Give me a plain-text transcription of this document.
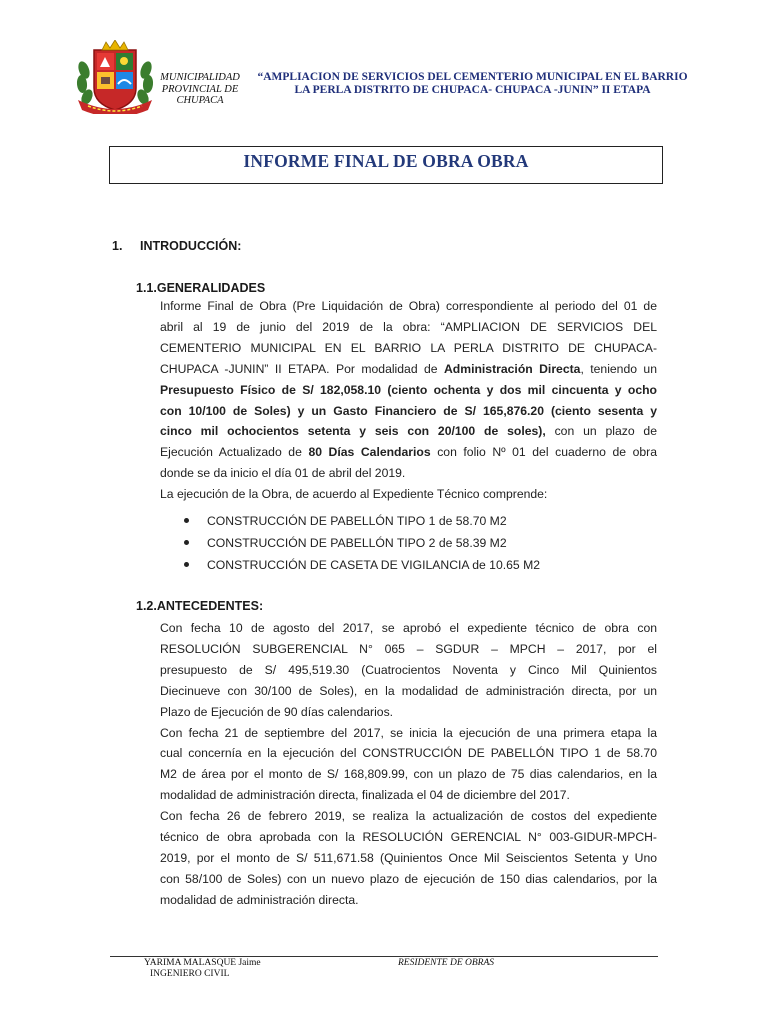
MUNICIPALIDAD
PROVINCIAL DE
CHUPACA
“AMPLIACION DE SERVICIOS DEL CEMENTERIO MUNICIPAL EN EL BARRIO
LA PERLA DISTRITO DE CHUPACA- CHUPACA -JUNIN” II ETAPA
INFORME FINAL DE OBRA OBRA
1. INTRODUCCIÓN:
1.1.GENERALIDADES
Informe Final de Obra (Pre Liquidación de Obra) correspondiente al periodo del 01 de
abril al 19 de junio del 2019 de la obra: “AMPLIACION DE SERVICIOS DEL
CEMENTERIO MUNICIPAL EN EL BARRIO LA PERLA DISTRITO DE CHUPACA-
CHUPACA -JUNIN” II ETAPA. Por modalidad de Administración Directa, teniendo un
Presupuesto Físico de S/ 182,058.10 (ciento ochenta y dos mil cincuenta y ocho
con 10/100 de Soles) y un Gasto Financiero de S/ 165,876.20 (ciento sesenta y
cinco mil ochocientos setenta y seis con 20/100 de soles), con un plazo de
Ejecución Actualizado de 80 Días Calendarios con folio Nº 01 del cuaderno de obra
donde se da inicio el día 01 de abril del 2019.
La ejecución de la Obra, de acuerdo al Expediente Técnico comprende:
CONSTRUCCIÓN DE PABELLÓN TIPO 1 de 58.70 M2
CONSTRUCCIÓN DE PABELLÓN TIPO 2 de 58.39 M2
CONSTRUCCIÓN DE CASETA DE VIGILANCIA de 10.65 M2
1.2.ANTECEDENTES:
Con fecha 10 de agosto del 2017, se aprobó el expediente técnico de obra con
RESOLUCIÓN SUBGERENCIAL N° 065 – SGDUR – MPCH – 2017, por el
presupuesto de S/ 495,519.30 (Cuatrocientos Noventa y Cinco Mil Quinientos
Diecinueve con 30/100 de Soles), en la modalidad de administración directa, por un
Plazo de Ejecución de 90 días calendarios.
Con fecha 21 de septiembre del 2017, se inicia la ejecución de una primera etapa la
cual concernía en la ejecución del CONSTRUCCIÓN DE PABELLÓN TIPO 1 de 58.70
M2 de área por el monto de S/ 168,809.99, con un plazo de 75 dias calendarios, en la
modalidad de administración directa, finalizada el 04 de diciembre del 2017.
Con fecha 26 de febrero 2019, se realiza la actualización de costos del expediente
técnico de obra aprobada con la RESOLUCIÓN GERENCIAL N° 003-GIDUR-MPCH-
2019, por el monto de S/ 511,671.58 (Quinientos Once Mil Seiscientos Setenta y Uno
con 58/100 de Soles) con un nuevo plazo de ejecución de 150 dias calendarios, por la
modalidad de administración directa.
YARIMA MALASQUE Jaime
INGENIERO CIVIL
RESIDENTE DE OBRAS
